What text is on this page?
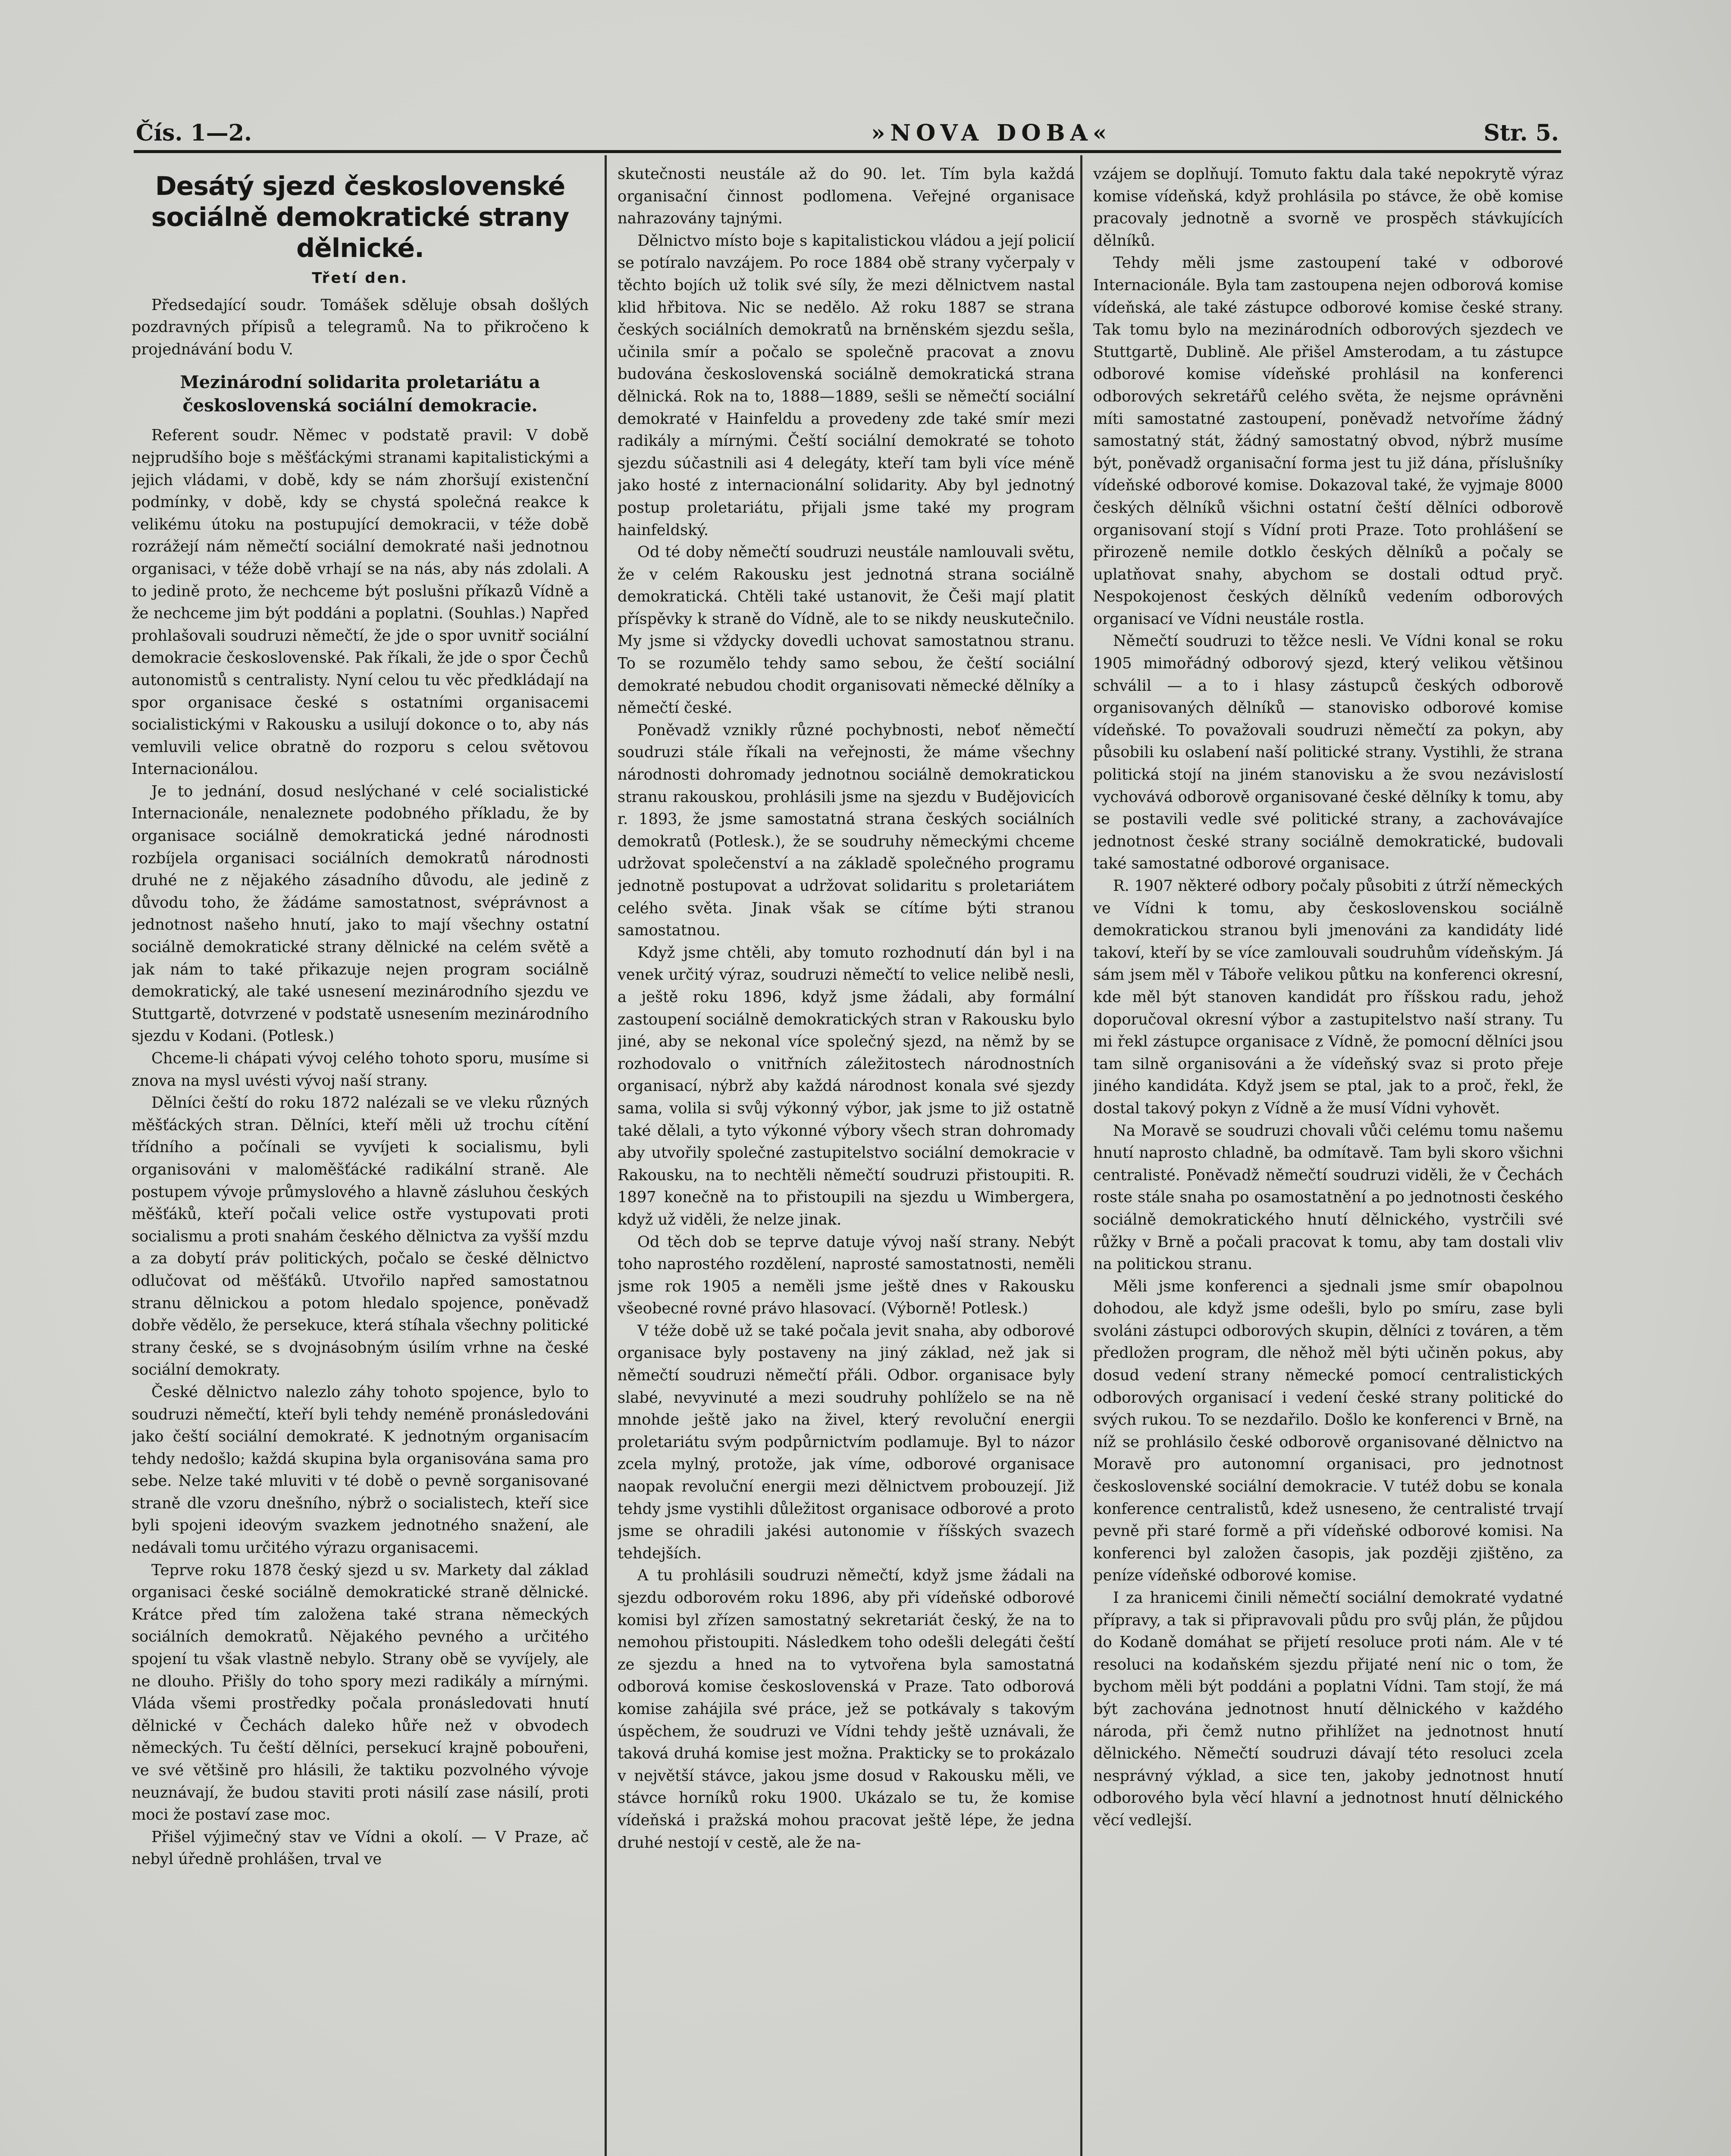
Čís. 1—2.	»NOVA DOBA«	Str. 5.
Desátý sjezd československé sociálně demokratické strany dělnické.
Třetí den.

Předsedající soudr. Tomášek sděluje obsah došlých pozdravných přípisů a telegramů. Na to přikročeno k projednávání bodu V.

Mezinárodní solidarita proletariátu a československá sociální demokracie.

Referent soudr. Němec v podstatě pravil: V době nejprudšího boje s měšťáckými stranami kapitalistickými a jejich vládami, v době, kdy se nám zhoršují existenční podmínky, v době, kdy se chystá společná reakce k velikému útoku na postupující demokracii, v téže době rozrážejí nám němečtí sociální demokraté naši jednotnou organisaci, v téže době vrhají se na nás, aby nás zdolali. A to jedině proto, že nechceme být poslušni příkazů Vídně a že nechceme jim být poddáni a poplatni. (Souhlas.) Napřed prohlašovali soudruzi němečtí, že jde o spor uvnitř sociální demokracie československé. Pak říkali, že jde o spor Čechů autonomistů s centralisty. Nyní celou tu věc předkládají na spor organisace české s ostatními organisacemi socialistickými v Rakousku a usilují dokonce o to, aby nás vemluvili velice obratně do rozporu s celou světovou Internacionálou.

Je to jednání, dosud neslýchané v celé socialistické Internacionále, nenaleznete podobného příkladu, že by organisace sociálně demokratická jedné národnosti rozbíjela organisaci sociálních demokratů národnosti druhé ne z nějakého zásadního důvodu, ale jedině z důvodu toho, že žádáme samostatnost, svéprávnost a jednotnost našeho hnutí, jako to mají všechny ostatní sociálně demokratické strany dělnické na celém světě a jak nám to také přikazuje nejen program sociálně demokratický, ale také usnesení mezinárodního sjezdu ve Stuttgartě, dotvrzené v podstatě usnesením mezinárodního sjezdu v Kodani. (Potlesk.)

Chceme-li chápati vývoj celého tohoto sporu, musíme si znova na mysl uvésti vývoj naší strany.

Dělníci čeští do roku 1872 nalézali se ve vleku různých měšťáckých stran. Dělníci, kteří měli už trochu cítění třídního a počínali se vyvíjeti k socialismu, byli organisováni v maloměšťácké radikální straně. Ale postupem vývoje průmyslového a hlavně zásluhou českých měšťáků, kteří počali velice ostře vystupovati proti socialismu a proti snahám českého dělnictva za vyšší mzdu a za dobytí práv politických, počalo se české dělnictvo odlučovat od měšťáků. Utvořilo napřed samostatnou stranu dělnickou a potom hledalo spojence, poněvadž dobře vědělo, že persekuce, která stíhala všechny politické strany české, se s dvojnásobným úsilím vrhne na české sociální demokraty.

České dělnictvo nalezlo záhy tohoto spojence, bylo to soudruzi němečtí, kteří byli tehdy neméně pronásledováni jako čeští sociální demokraté. K jednotným organisacím tehdy nedošlo; každá skupina byla organisována sama pro sebe. Nelze také mluviti v té době o pevně sorganisované straně dle vzoru dnešního, nýbrž o socialistech, kteří sice byli spojeni ideovým svazkem jednotného snažení, ale nedávali tomu určitého výrazu organisacemi.

Teprve roku 1878 český sjezd u sv. Markety dal základ organisaci české sociálně demokratické straně dělnické. Krátce před tím založena také strana německých sociálních demokratů. Nějakého pevného a určitého spojení tu však vlastně nebylo. Strany obě se vyvíjely, ale ne dlouho. Přišly do toho spory mezi radikály a mírnými. Vláda všemi prostředky počala pronásledovati hnutí dělnické v Čechách daleko hůře než v obvodech německých. Tu čeští dělníci, persekucí krajně pobouřeni, ve své většině pro hlásili, že taktiku pozvolného vývoje neuznávají, že budou staviti proti násilí zase násilí, proti moci že postaví zase moc.

Přišel výjimečný stav ve Vídni a okolí. — V Praze, ač nebyl úředně prohlášen, trval ve

skutečnosti neustále až do 90. let. Tím byla každá organisační činnost podlomena. Veřejné organisace nahrazovány tajnými.

Dělnictvo místo boje s kapitalistickou vládou a její policií se potíralo navzájem. Po roce 1884 obě strany vyčerpaly v těchto bojích už tolik své síly, že mezi dělnictvem nastal klid hřbitova. Nic se nedělo. Až roku 1887 se strana českých sociálních demokratů na brněnském sjezdu sešla, učinila smír a počalo se společně pracovat a znovu budována československá sociálně demokratická strana dělnická. Rok na to, 1888—1889, sešli se němečtí sociální demokraté v Hainfeldu a provedeny zde také smír mezi radikály a mírnými. Čeští sociální demokraté se tohoto sjezdu súčastnili asi 4 delegáty, kteří tam byli více méně jako hosté z internacionální solidarity. Aby byl jednotný postup proletariátu, přijali jsme také my program hainfeldský.

Od té doby němečtí soudruzi neustále namlouvali světu, že v celém Rakousku jest jednotná strana sociálně demokratická. Chtěli také ustanovit, že Češi mají platit příspěvky k straně do Vídně, ale to se nikdy neuskutečnilo. My jsme si vždycky dovedli uchovat samostatnou stranu. To se rozumělo tehdy samo sebou, že čeští sociální demokraté nebudou chodit organisovati německé dělníky a němečtí české.

Poněvadž vznikly různé pochybnosti, neboť němečtí soudruzi stále říkali na veřejnosti, že máme všechny národnosti dohromady jednotnou sociálně demokratickou stranu rakouskou, prohlásili jsme na sjezdu v Budějovicích r. 1893, že jsme samostatná strana českých sociálních demokratů (Potlesk.), že se soudruhy německými chceme udržovat společenství a na základě společného programu jednotně postupovat a udržovat solidaritu s proletariátem celého světa. Jinak však se cítíme býti stranou samostatnou.

Když jsme chtěli, aby tomuto rozhodnutí dán byl i na venek určitý výraz, soudruzi němečtí to velice nelibě nesli, a ještě roku 1896, když jsme žádali, aby formální zastoupení sociálně demokratických stran v Rakousku bylo jiné, aby se nekonal více společný sjezd, na němž by se rozhodovalo o vnitřních záležitostech národnostních organisací, nýbrž aby každá národnost konala své sjezdy sama, volila si svůj výkonný výbor, jak jsme to již ostatně také dělali, a tyto výkonné výbory všech stran dohromady aby utvořily společné zastupitelstvo sociální demokracie v Rakousku, na to nechtěli němečtí soudruzi přistoupiti. R. 1897 konečně na to přistoupili na sjezdu u Wimbergera, když už viděli, že nelze jinak.

Od těch dob se teprve datuje vývoj naší strany. Nebýt toho naprostého rozdělení, naprosté samostatnosti, neměli jsme rok 1905 a neměli jsme ještě dnes v Rakousku všeobecné rovné právo hlasovací. (Výborně! Potlesk.)

V téže době už se také počala jevit snaha, aby odborové organisace byly postaveny na jiný základ, než jak si němečtí soudruzi němečtí přáli. Odbor. organisace byly slabé, nevyvinuté a mezi soudruhy pohlíželo se na ně mnohde ještě jako na živel, který revoluční energii proletariátu svým podpůrnictvím podlamuje. Byl to názor zcela mylný, protože, jak víme, odborové organisace naopak revoluční energii mezi dělnictvem probouzejí. Již tehdy jsme vystihli důležitost organisace odborové a proto jsme se ohradili jakési autonomie v říšských svazech tehdejších.

A tu prohlásili soudruzi němečtí, když jsme žádali na sjezdu odborovém roku 1896, aby při vídeňské odborové komisi byl zřízen samostatný sekretariát český, že na to nemohou přistoupiti. Následkem toho odešli delegáti čeští ze sjezdu a hned na to vytvořena byla samostatná odborová komise československá v Praze. Tato odborová komise zahájila své práce, jež se potkávaly s takovým úspěchem, že soudruzi ve Vídni tehdy ještě uznávali, že taková druhá komise jest možna. Prakticky se to prokázalo v největší stávce, jakou jsme dosud v Rakousku měli, ve stávce horníků roku 1900. Ukázalo se tu, že komise vídeňská i pražská mohou pracovat ještě lépe, že jedna druhé nestojí v cestě, ale že na-

vzájem se doplňují. Tomuto faktu dala také nepokrytě výraz komise vídeňská, když prohlásila po stávce, že obě komise pracovaly jednotně a svorně ve prospěch stávkujících dělníků.

Tehdy měli jsme zastoupení také v odborové Internacionále. Byla tam zastoupena nejen odborová komise vídeňská, ale také zástupce odborové komise české strany. Tak tomu bylo na mezinárodních odborových sjezdech ve Stuttgartě, Dublině. Ale přišel Amsterodam, a tu zástupce odborové komise vídeňské prohlásil na konferenci odborových sekretářů celého světa, že nejsme oprávněni míti samostatné zastoupení, poněvadž netvoříme žádný samostatný stát, žádný samostatný obvod, nýbrž musíme být, poněvadž organisační forma jest tu již dána, příslušníky vídeňské odborové komise. Dokazoval také, že vyjmaje 8000 českých dělníků všichni ostatní čeští dělníci odborově organisovaní stojí s Vídní proti Praze. Toto prohlášení se přirozeně nemile dotklo českých dělníků a počaly se uplatňovat snahy, abychom se dostali odtud pryč. Nespokojenost českých dělníků vedením odborových organisací ve Vídni neustále rostla.

Němečtí soudruzi to těžce nesli. Ve Vídni konal se roku 1905 mimořádný odborový sjezd, který velikou většinou schválil — a to i hlasy zástupců českých odborově organisovaných dělníků — stanovisko odborové komise vídeňské. To považovali soudruzi němečtí za pokyn, aby působili ku oslabení naší politické strany. Vystihli, že strana politická stojí na jiném stanovisku a že svou nezávislostí vychovává odborově organisované české dělníky k tomu, aby se postavili vedle své politické strany, a zachovávajíce jednotnost české strany sociálně demokratické, budovali také samostatné odborové organisace.

R. 1907 některé odbory počaly působiti z útrží německých ve Vídni k tomu, aby československou sociálně demokratickou stranou byli jmenováni za kandidáty lidé takoví, kteří by se více zamlouvali soudruhům vídeňským. Já sám jsem měl v Táboře velikou půtku na konferenci okresní, kde měl být stanoven kandidát pro říšskou radu, jehož doporučoval okresní výbor a zastupitelstvo naší strany. Tu mi řekl zástupce organisace z Vídně, že pomocní dělníci jsou tam silně organisováni a že vídeňský svaz si proto přeje jiného kandidáta. Když jsem se ptal, jak to a proč, řekl, že dostal takový pokyn z Vídně a že musí Vídni vyhovět.

Na Moravě se soudruzi chovali vůči celému tomu našemu hnutí naprosto chladně, ba odmítavě. Tam byli skoro všichni centralisté. Poněvadž němečtí soudruzi viděli, že v Čechách roste stále snaha po osamostatnění a po jednotnosti českého sociálně demokratického hnutí dělnického, vystrčili své růžky v Brně a počali pracovat k tomu, aby tam dostali vliv na politickou stranu.

Měli jsme konferenci a sjednali jsme smír obapolnou dohodou, ale když jsme odešli, bylo po smíru, zase byli svoláni zástupci odborových skupin, dělníci z továren, a těm předložen program, dle něhož měl býti učiněn pokus, aby dosud vedení strany německé pomocí centralistických odborových organisací i vedení české strany politické do svých rukou. To se nezdařilo. Došlo ke konferenci v Brně, na níž se prohlásilo české odborově organisované dělnictvo na Moravě pro autonomní organisaci, pro jednotnost československé sociální demokracie. V tutéž dobu se konala konference centralistů, kdež usneseno, že centralisté trvají pevně při staré formě a při vídeňské odborové komisi. Na konferenci byl založen časopis, jak později zjištěno, za peníze vídeňské odborové komise.

I za hranicemi činili němečtí sociální demokraté vydatné přípravy, a tak si připravovali půdu pro svůj plán, že půjdou do Kodaně domáhat se přijetí resoluce proti nám. Ale v té resoluci na kodaňském sjezdu přijaté není nic o tom, že bychom měli být poddáni a poplatni Vídni. Tam stojí, že má být zachována jednotnost hnutí dělnického v každého národa, při čemž nutno přihlížet na jednotnost hnutí dělnického. Němečtí soudruzi dávají této resoluci zcela nesprávný výklad, a sice ten, jakoby jednotnost hnutí odborového byla věcí hlavní a jednotnost hnutí dělnického věcí vedlejší.
